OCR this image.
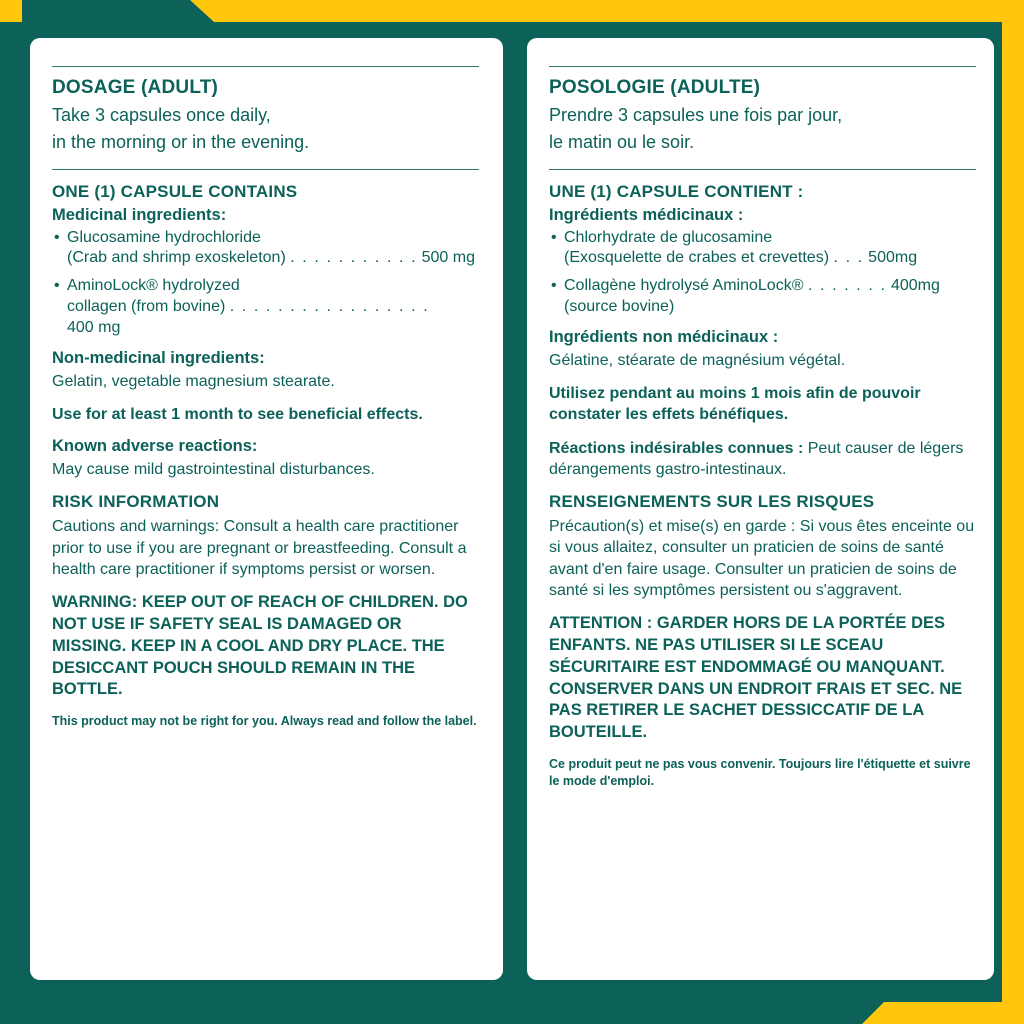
DOSAGE (ADULT)

Take 3 capsules once daily,

in the morning or in the evening.

ONE (1) CAPSULE CONTAINS
Medicinal ingredients:
• Glucosamine hydrochloride
(Crab and shrimp exoskeleton) . . . . . . . . . . . 500 mg
• AminoLock® hydrolyzed
collagen (from bovine) . . . . . . . . . . . . . . . . . 400 mg
Non-medicinal ingredients:

Gelatin, vegetable magnesium stearate.

Use for at least 1 month to see beneficial effects.

Known adverse reactions:

May cause mild gastrointestinal disturbances.

RISK INFORMATION

Cautions and warnings: Consult a health care practitioner prior to use if you are pregnant or breastfeeding. Consult a health care practitioner if symptoms persist or worsen.

WARNING: KEEP OUT OF REACH OF CHILDREN. DO NOT USE IF SAFETY SEAL IS DAMAGED OR MISSING. KEEP IN A COOL AND DRY PLACE. THE DESICCANT POUCH SHOULD REMAIN IN THE BOTTLE.

This product may not be right for you. Always read and follow the label.

POSOLOGIE (ADULTE)

Prendre 3 capsules une fois par jour,

le matin ou le soir.

UNE (1) CAPSULE CONTIENT :
Ingrédients médicinaux :
• Chlorhydrate de glucosamine
(Exosquelette de crabes et crevettes) . . . 500mg
• Collagène hydrolysé AminoLock® . . . . . . . 400mg
(source bovine)
Ingrédients non médicinaux :

Gélatine, stéarate de magnésium végétal.

Utilisez pendant au moins 1 mois afin de pouvoir constater les effets bénéfiques.

Réactions indésirables connues : Peut causer de légers dérangements gastro-intestinaux.

RENSEIGNEMENTS SUR LES RISQUES

Précaution(s) et mise(s) en garde : Si vous êtes enceinte ou si vous allaitez, consulter un praticien de soins de santé avant d'en faire usage. Consulter un praticien de soins de santé si les symptômes persistent ou s'aggravent.

ATTENTION : GARDER HORS DE LA PORTÉE DES ENFANTS. NE PAS UTILISER SI LE SCEAU SÉCURITAIRE EST ENDOMMAGÉ OU MANQUANT. CONSERVER DANS UN ENDROIT FRAIS ET SEC. NE PAS RETIRER LE SACHET DESSICCATIF DE LA BOUTEILLE.

Ce produit peut ne pas vous convenir. Toujours lire l'étiquette et suivre le mode d'emploi.
